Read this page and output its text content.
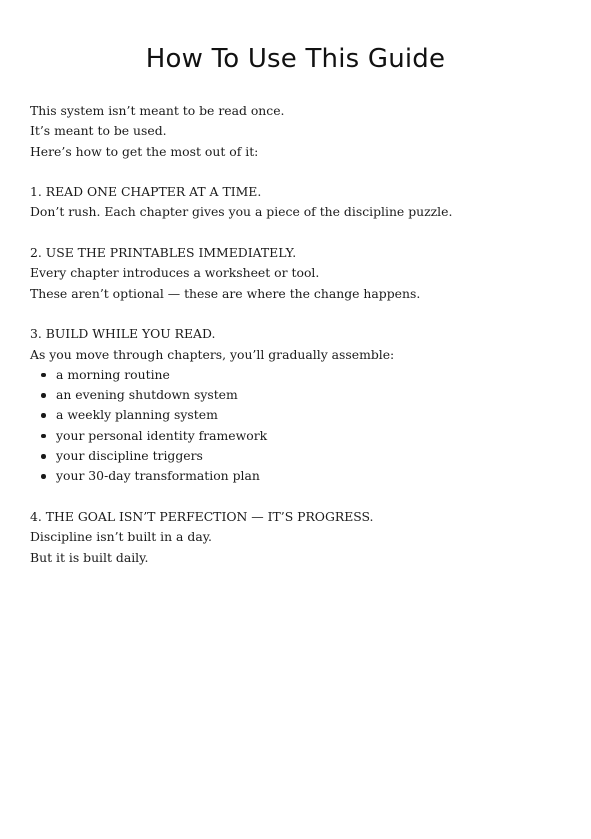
How To Use This Guide

This system isn’t meant to be read once.

It’s meant to be used.

Here’s how to get the most out of it:

1. READ ONE CHAPTER AT A TIME.

Don’t rush. Each chapter gives you a piece of the discipline puzzle.

2. USE THE PRINTABLES IMMEDIATELY.

Every chapter introduces a worksheet or tool.

These aren’t optional — these are where the change happens.

3. BUILD WHILE YOU READ.

As you move through chapters, you’ll gradually assemble:

a morning routine
an evening shutdown system
a weekly planning system
your personal identity framework
your discipline triggers
your 30-day transformation plan

4. THE GOAL ISN’T PERFECTION — IT’S PROGRESS.

Discipline isn’t built in a day.

But it is built daily.
